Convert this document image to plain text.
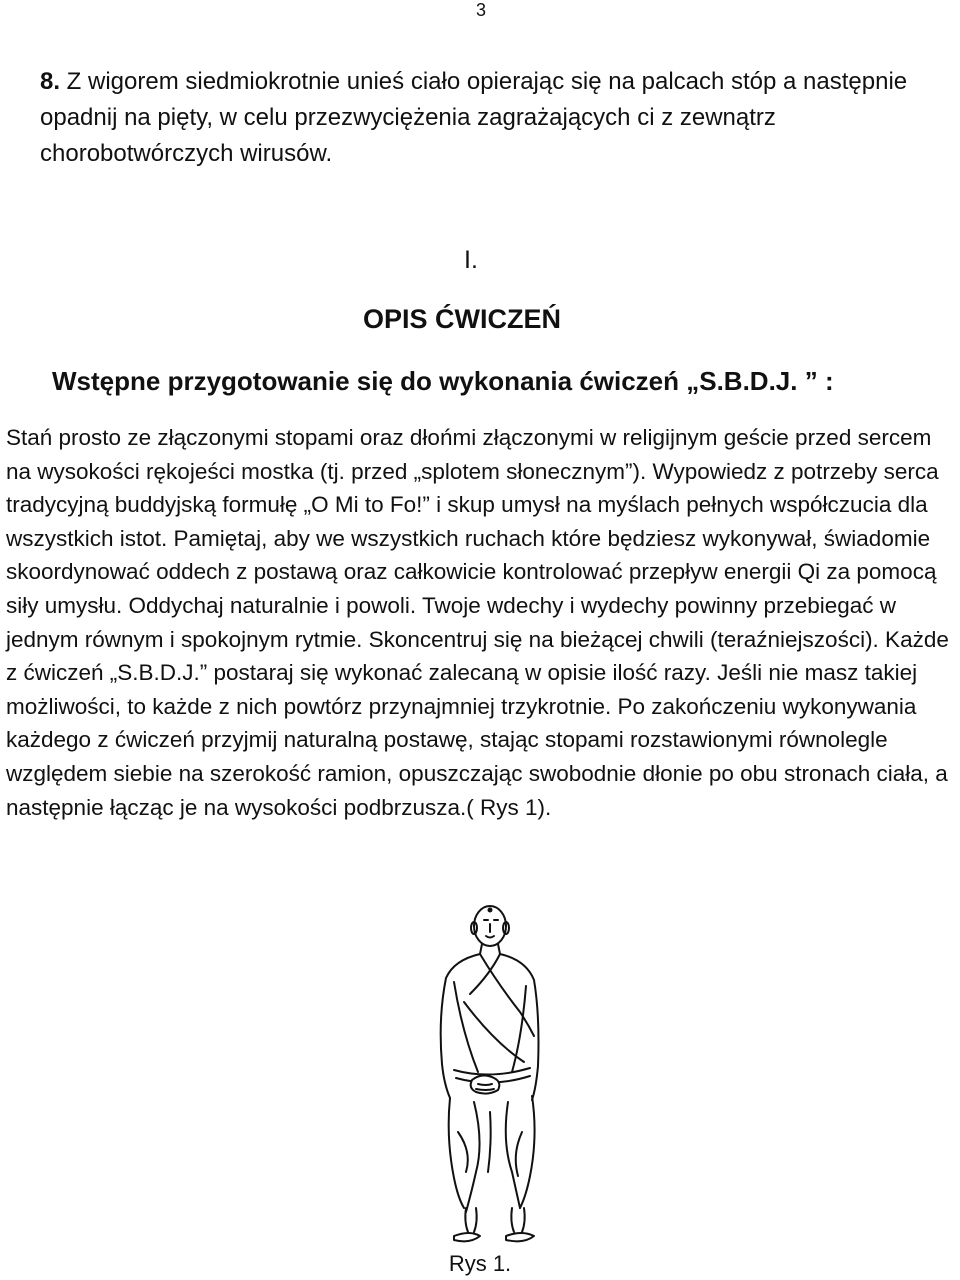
3

8. Z wigorem siedmiokrotnie unieś ciało opierając się na palcach stóp a następnie opadnij na pięty, w celu przezwyciężenia zagrażających ci z zewnątrz chorobotwórczych wirusów.

I.

OPIS ĆWICZEŃ

Wstępne przygotowanie się do wykonania ćwiczeń „S.B.D.J. ” :

Stań prosto ze złączonymi stopami oraz dłońmi złączonymi w religijnym geście przed sercem na wysokości rękojeści mostka (tj. przed „splotem słonecznym”). Wypowiedz z potrzeby serca tradycyjną buddyjską formułę „O Mi to Fo!” i skup umysł na myślach pełnych współczucia dla wszystkich istot. Pamiętaj, aby we wszystkich ruchach które będziesz wykonywał, świadomie skoordynować oddech z postawą oraz całkowicie kontrolować przepływ energii Qi za pomocą siły umysłu. Oddychaj naturalnie i powoli. Twoje wdechy i wydechy powinny przebiegać w jednym równym i spokojnym rytmie. Skoncentruj się na bieżącej chwili (teraźniejszości). Każde z ćwiczeń „S.B.D.J.” postaraj się wykonać zalecaną w opisie ilość razy. Jeśli nie masz takiej możliwości, to każde z nich powtórz przynajmniej trzykrotnie. Po zakończeniu wykonywania każdego z ćwiczeń przyjmij naturalną postawę, stając stopami rozstawionymi równolegle względem siebie na szerokość ramion, opuszczając swobodnie dłonie po obu stronach ciała, a następnie łącząc je na wysokości podbrzusza.( Rys 1).

Rys 1.
